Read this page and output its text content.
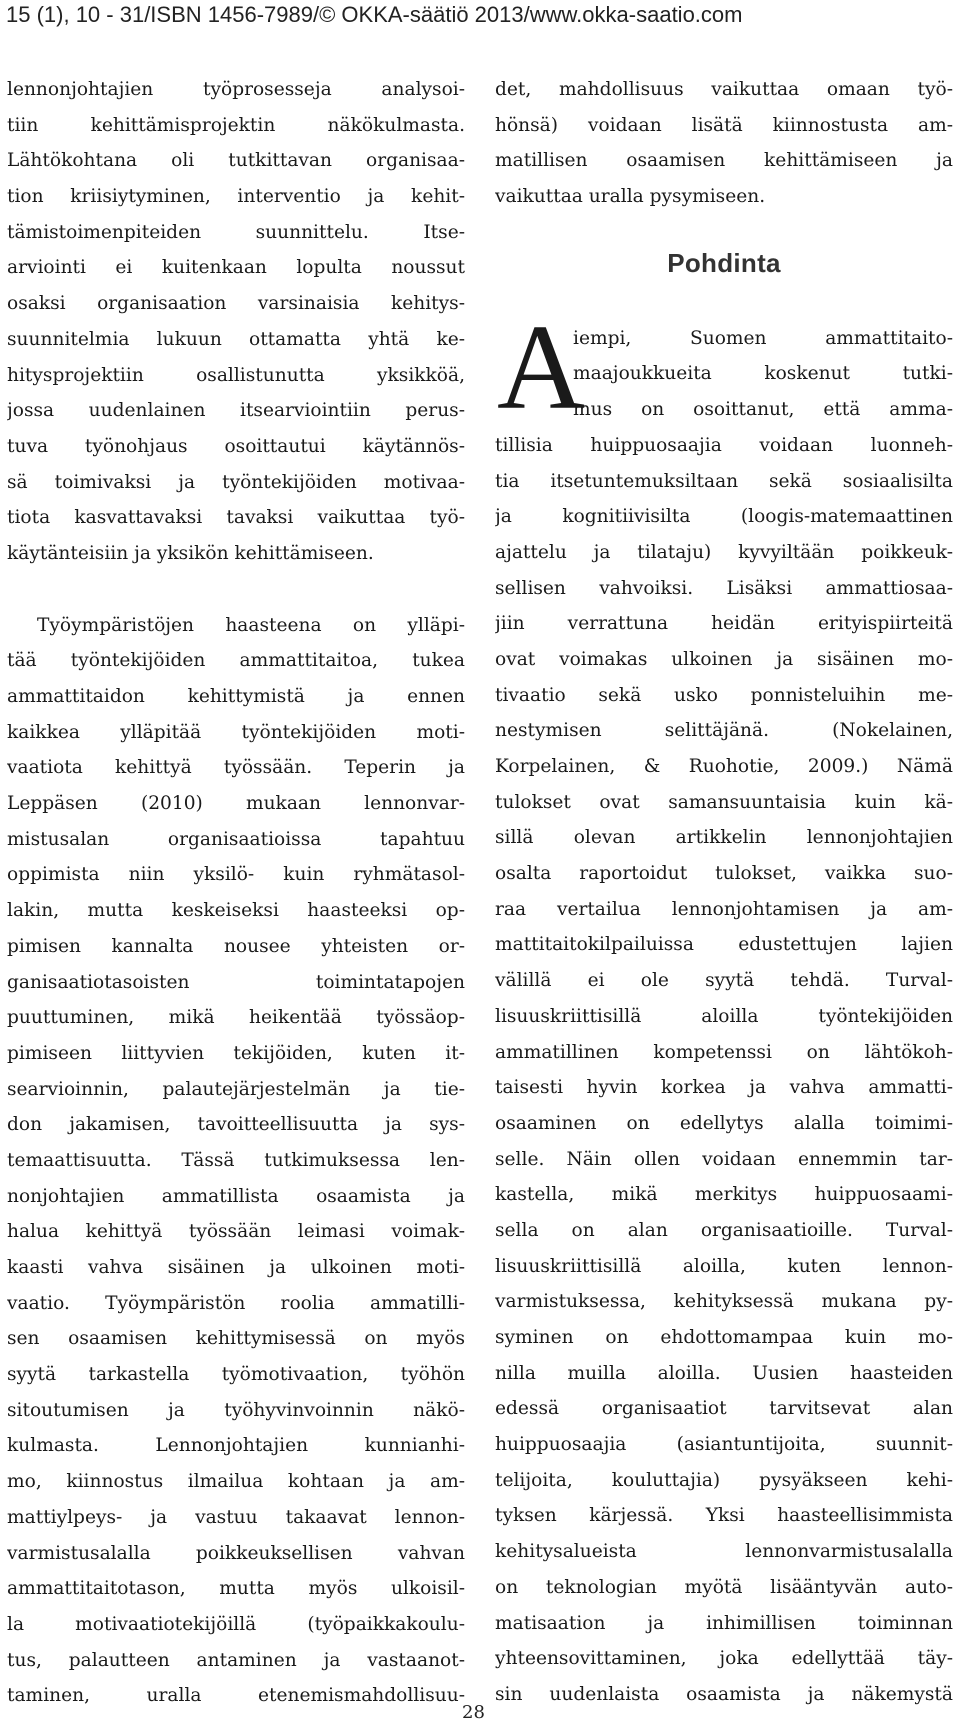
15 (1), 10 - 31/ISBN 1456-7989/© OKKA-säätiö 2013/www.okka-saatio.com
lennonjohtajien työprosesseja analysoi-
tiin kehittämisprojektin näkökulmasta.
Lähtökohtana oli tutkittavan organisaa-
tion kriisiytyminen, interventio ja kehit-
tämistoimenpiteiden suunnittelu. Itse-
arviointi ei kuitenkaan lopulta noussut
osaksi organisaation varsinaisia kehitys-
suunnitelmia lukuun ottamatta yhtä ke-
hitysprojektiin osallistunutta yksikköä,
jossa uudenlainen itsearviointiin perus-
tuva työnohjaus osoittautui käytännös-
sä toimivaksi ja työntekijöiden motivaa-
tiota kasvattavaksi tavaksi vaikuttaa työ-
käytänteisiin ja yksikön kehittämiseen.
Työympäristöjen haasteena on ylläpi-
tää työntekijöiden ammattitaitoa, tukea
ammattitaidon kehittymistä ja ennen
kaikkea ylläpitää työntekijöiden moti-
vaatiota kehittyä työssään. Teperin ja
Leppäsen (2010) mukaan lennonvar-
mistusalan organisaatioissa tapahtuu
oppimista niin yksilö- kuin ryhmätasol-
lakin, mutta keskeiseksi haasteeksi op-
pimisen kannalta nousee yhteisten or-
ganisaatiotasoisten toimintatapojen
puuttuminen, mikä heikentää työssäop-
pimiseen liittyvien tekijöiden, kuten it-
searvioinnin, palautejärjestelmän ja tie-
don jakamisen, tavoitteellisuutta ja sys-
temaattisuutta. Tässä tutkimuksessa len-
nonjohtajien ammatillista osaamista ja
halua kehittyä työssään leimasi voimak-
kaasti vahva sisäinen ja ulkoinen moti-
vaatio. Työympäristön roolia ammatilli-
sen osaamisen kehittymisessä on myös
syytä tarkastella työmotivaation, työhön
sitoutumisen ja työhyvinvoinnin näkö-
kulmasta. Lennonjohtajien kunnianhi-
mo, kiinnostus ilmailua kohtaan ja am-
mattiylpeys- ja vastuu takaavat lennon-
varmistusalalla poikkeuksellisen vahvan
ammattitaitotason, mutta myös ulkoisil-
la motivaatiotekijöillä (työpaikkakoulu-
tus, palautteen antaminen ja vastaanot-
taminen, uralla etenemismahdollisuu-
det, mahdollisuus vaikuttaa omaan työ-
hönsä) voidaan lisätä kiinnostusta am-
matillisen osaamisen kehittämiseen ja
vaikuttaa uralla pysymiseen.
Pohdinta
A
iempi, Suomen ammattitaito-
maajoukkueita koskenut tutki-
mus on osoittanut, että amma-
tillisia huippuosaajia voidaan luonneh-
tia itsetuntemuksiltaan sekä sosiaalisilta
ja kognitiivisilta (loogis-matemaattinen
ajattelu ja tilataju) kyvyiltään poikkeuk-
sellisen vahvoiksi. Lisäksi ammattiosaa-
jiin verrattuna heidän erityispiirteitä
ovat voimakas ulkoinen ja sisäinen mo-
tivaatio sekä usko ponnisteluihin me-
nestymisen selittäjänä. (Nokelainen,
Korpelainen, & Ruohotie, 2009.) Nämä
tulokset ovat samansuuntaisia kuin kä-
sillä olevan artikkelin lennonjohtajien
osalta raportoidut tulokset, vaikka suo-
raa vertailua lennonjohtamisen ja am-
mattitaitokilpailuissa edustettujen lajien
välillä ei ole syytä tehdä. Turval-
lisuuskriittisillä aloilla työntekijöiden
ammatillinen kompetenssi on lähtökoh-
taisesti hyvin korkea ja vahva ammatti-
osaaminen on edellytys alalla toimimi-
selle. Näin ollen voidaan ennemmin tar-
kastella, mikä merkitys huippuosaami-
sella on alan organisaatioille. Turval-
lisuuskriittisillä aloilla, kuten lennon-
varmistuksessa, kehityksessä mukana py-
syminen on ehdottomampaa kuin mo-
nilla muilla aloilla. Uusien haasteiden
edessä organisaatiot tarvitsevat alan
huippuosaajia (asiantuntijoita, suunnit-
telijoita, kouluttajia) pysyäkseen kehi-
tyksen kärjessä. Yksi haasteellisimmista
kehitysalueista lennonvarmistusalalla
on teknologian myötä lisääntyvän auto-
matisaation ja inhimillisen toiminnan
yhteensovittaminen, joka edellyttää täy-
sin uudenlaista osaamista ja näkemystä
28
